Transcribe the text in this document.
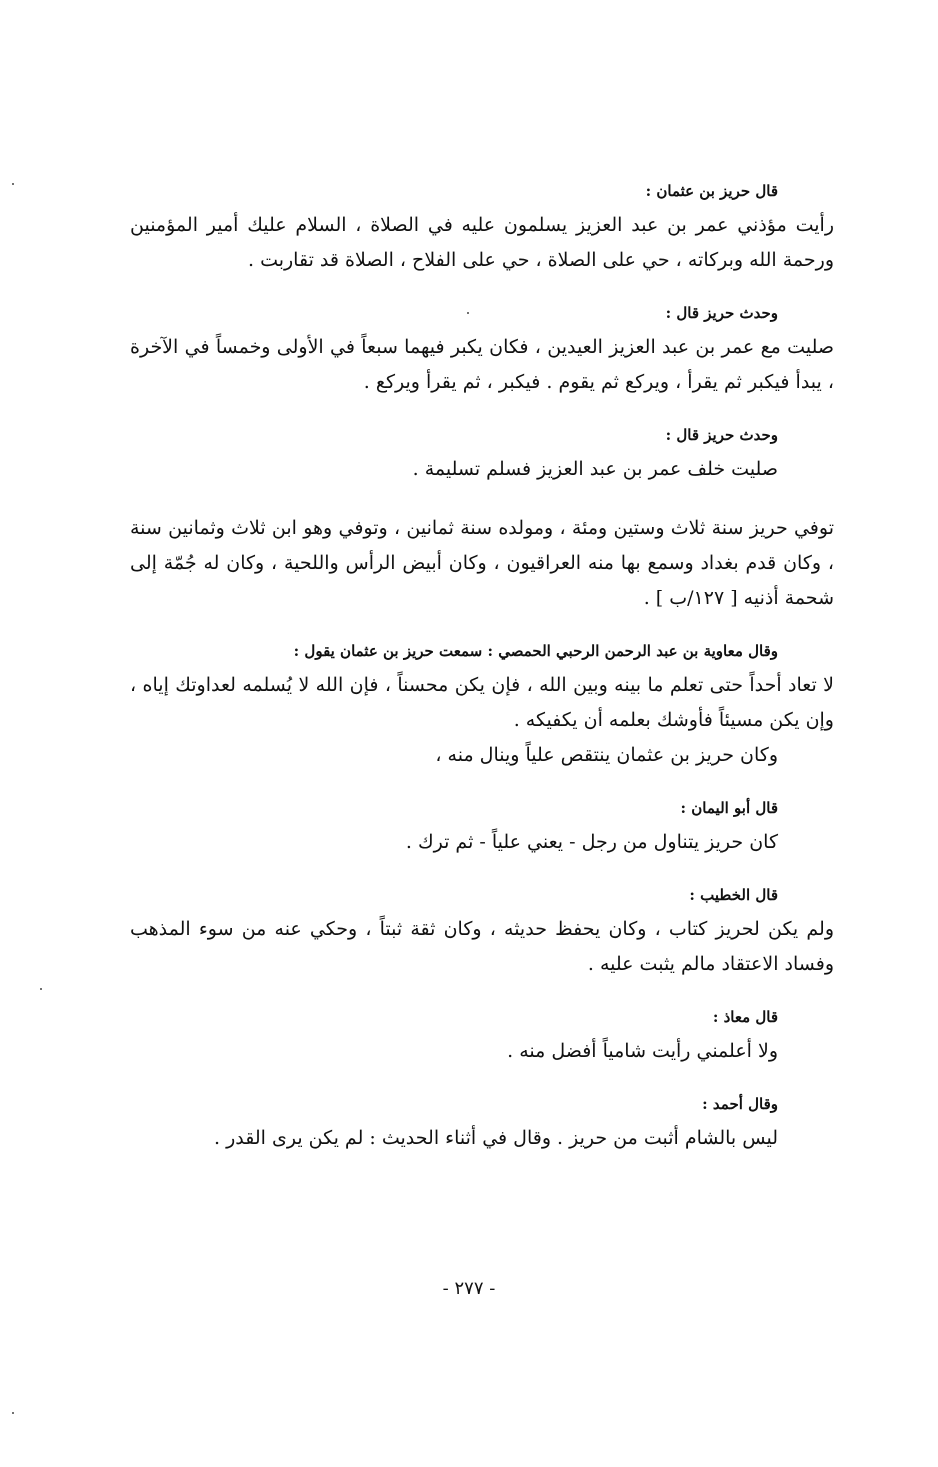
قال حريز بن عثمان :

رأيت مؤذني عمر بن عبد العزيز يسلمون عليه في الصلاة ، السلام عليك أمير المؤمنين ورحمة الله وبركاته ، حي على الصلاة ، حي على الفلاح ، الصلاة قد تقاربت .

وحدث حريز قال :

صليت مع عمر بن عبد العزيز العيدين ، فكان يكبر فيهما سبعاً في الأولى وخمساً في الآخرة ، يبدأ فيكبر ثم يقرأ ، ويركع ثم يقوم . فيكبر ، ثم يقرأ ويركع .

وحدث حريز قال :

صليت خلف عمر بن عبد العزيز فسلم تسليمة .

توفي حريز سنة ثلاث وستين ومئة ، ومولده سنة ثمانين ، وتوفي وهو ابن ثلاث وثمانين سنة ، وكان قدم بغداد وسمع بها منه العراقيون ، وكان أبيض الرأس واللحية ، وكان له جُمّة إلى شحمة أذنيه [ ١٢٧/ب ] .

وقال معاوية بن عبد الرحمن الرحبي الحمصي : سمعت حريز بن عثمان يقول :

لا تعاد أحداً حتى تعلم ما بينه وبين الله ، فإن يكن محسناً ، فإن الله لا يُسلمه لعداوتك إياه ، وإن يكن مسيئاً فأوشك بعلمه أن يكفيكه .

وكان حريز بن عثمان ينتقص علياً وينال منه ،

قال أبو اليمان :

كان حريز يتناول من رجل - يعني علياً - ثم ترك .

قال الخطيب :

ولم يكن لحريز كتاب ، وكان يحفظ حديثه ، وكان ثقة ثبتاً ، وحكي عنه من سوء المذهب وفساد الاعتقاد مالم يثبت عليه .

قال معاذ :

ولا أعلمني رأيت شامياً أفضل منه .

وقال أحمد :

ليس بالشام أثبت من حريز . وقال في أثناء الحديث : لم يكن يرى القدر .

- ٢٧٧ -
